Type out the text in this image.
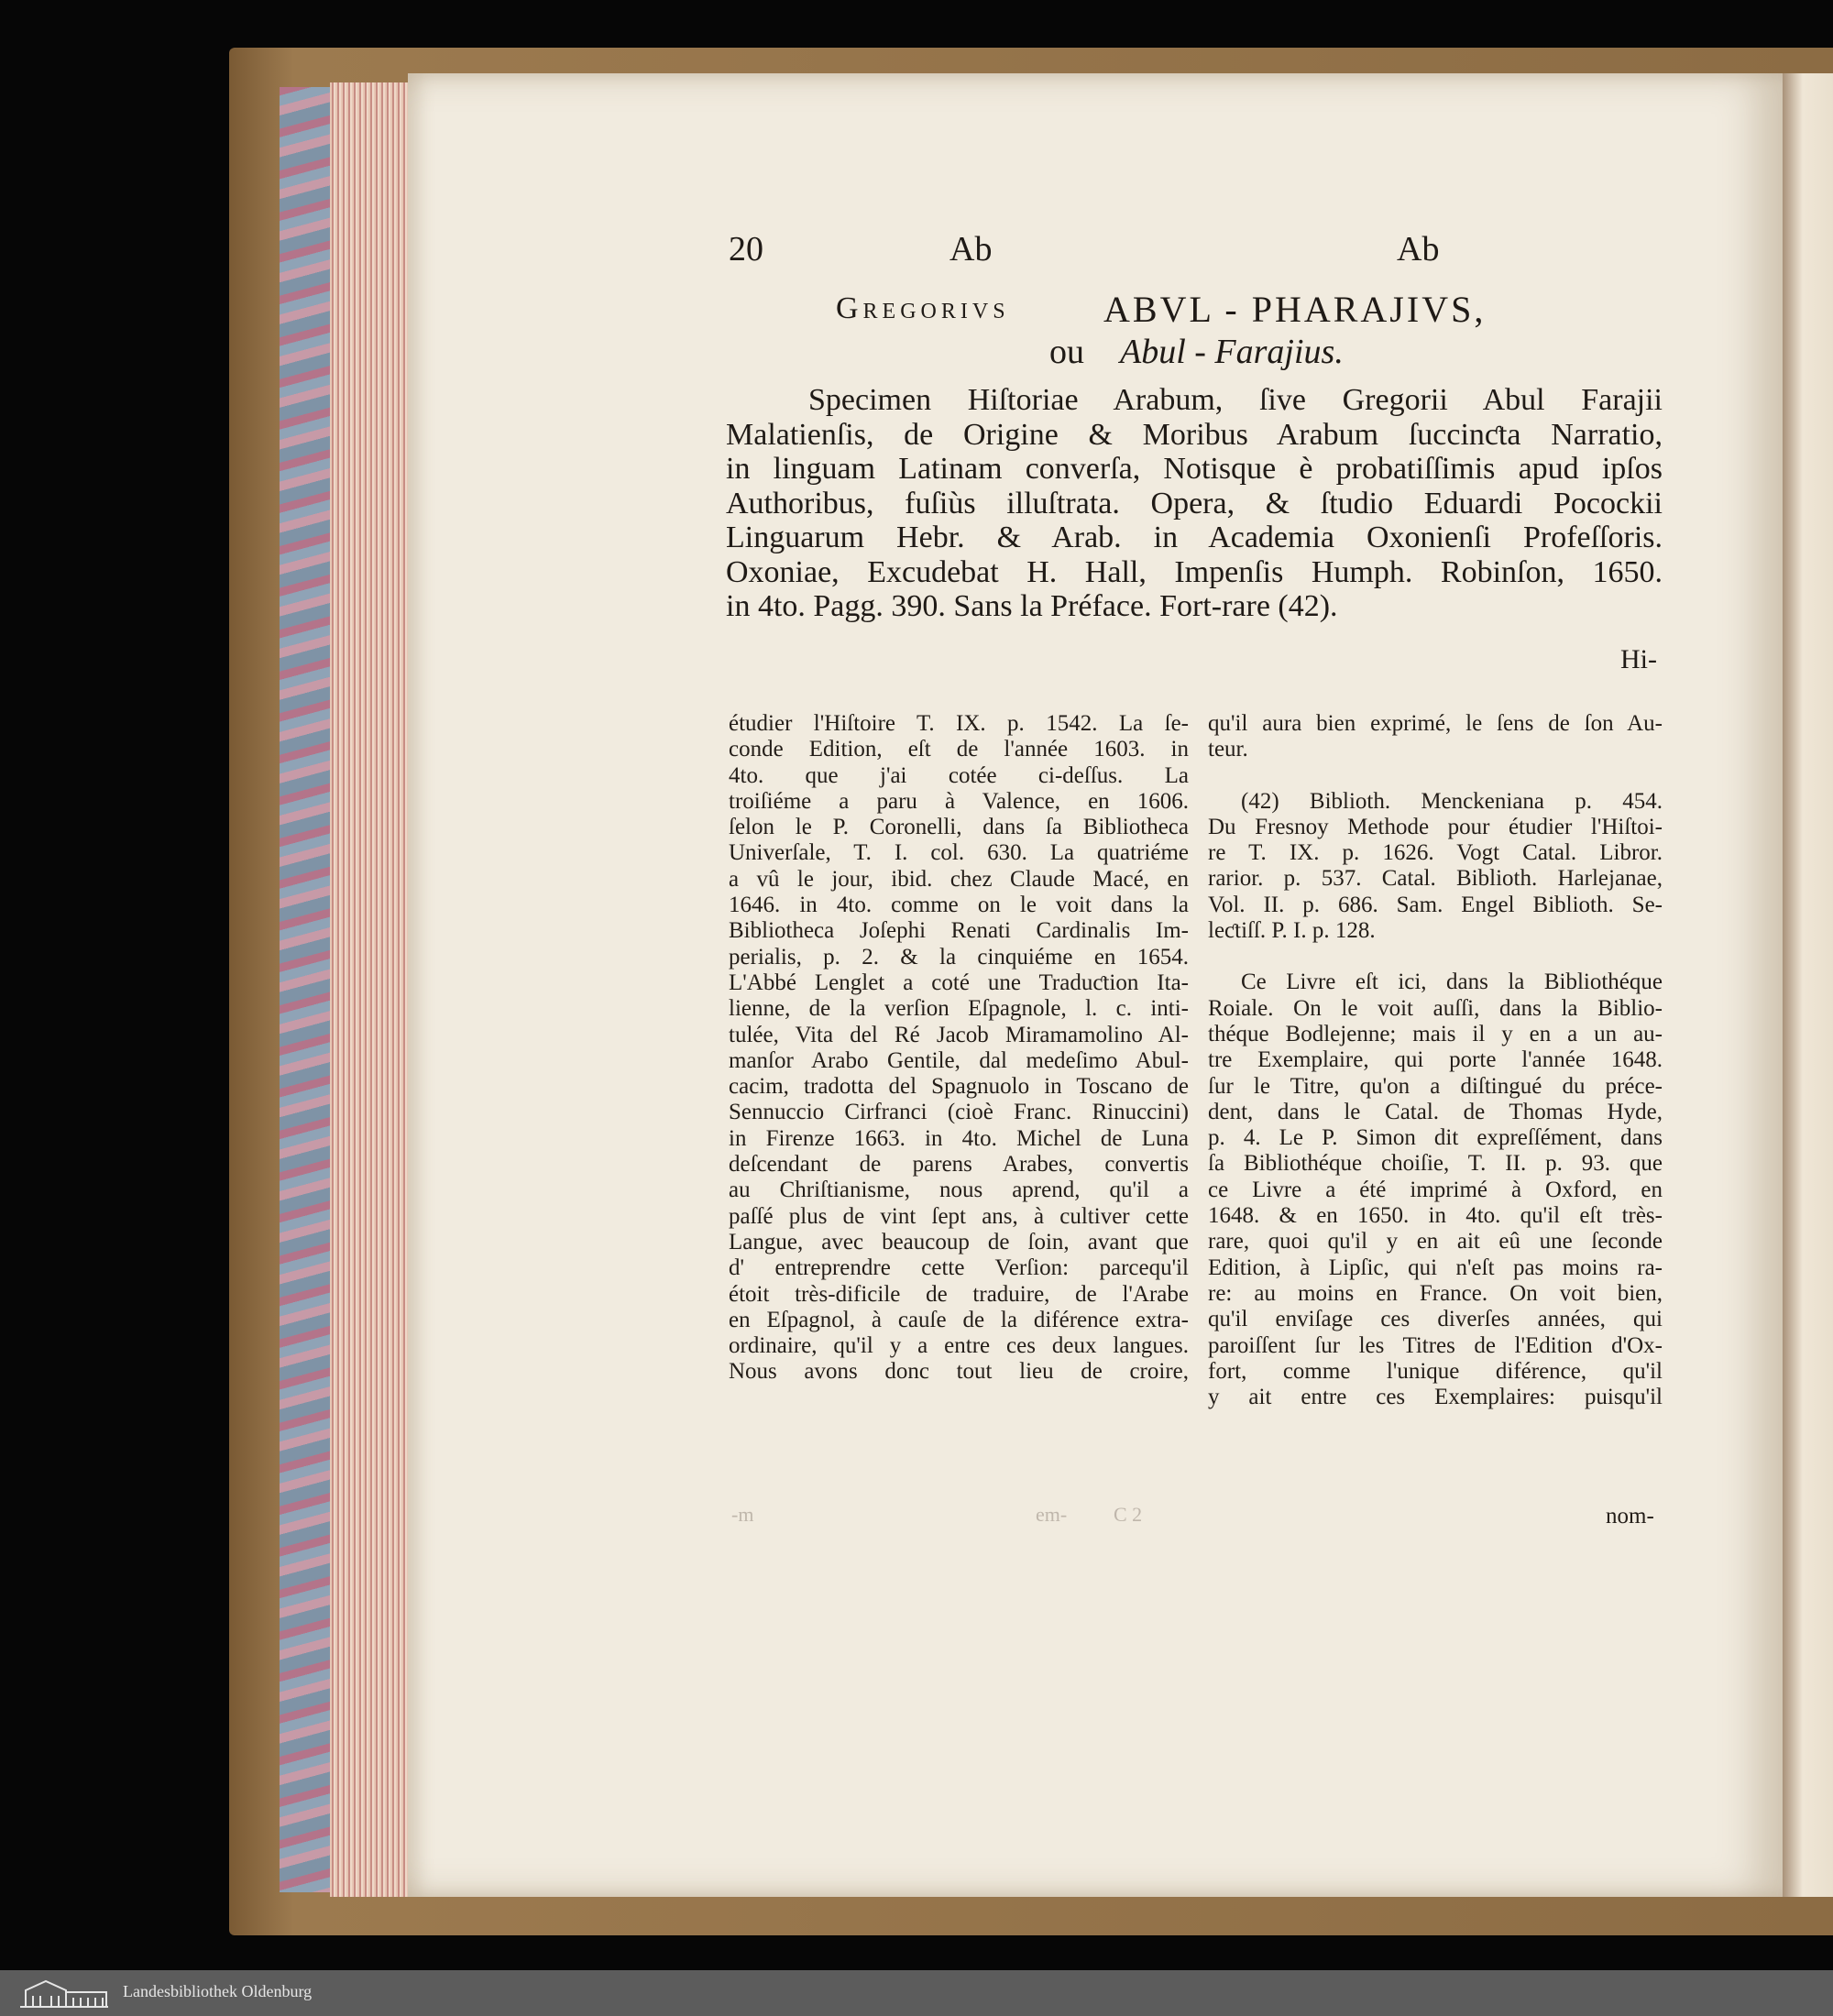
20	Ab	Ab
Gregorivs	ABVL - PHARAJIVS,
ou Abul - Farajius.
Specimen Hiſtoriae Arabum, ſive Gregorii Abul Farajii
Malatienſis, de Origine & Moribus Arabum ſuccinƈta Narratio,
in linguam Latinam converſa, Notisque è probatiſſimis apud ipſos
Authoribus, fuſiùs illuſtrata. Opera, & ſtudio Eduardi Pocockii
Linguarum Hebr. & Arab. in Academia Oxonienſi Profeſſoris.
Oxoniae, Excudebat H. Hall, Impenſis Humph. Robinſon, 1650.
in 4to. Pagg. 390. Sans la Préface. Fort-rare (42).
Hi-
étudier l'Hiſtoire T. IX. p. 1542. La ſe-
conde Edition, eſt de l'année 1603. in
4to. que j'ai cotée ci-deſſus. La
troiſiéme a paru à Valence, en 1606.
ſelon le P. Coronelli, dans ſa Bibliotheca
Univerſale, T. I. col. 630. La quatriéme
a vû le jour, ibid. chez Claude Macé, en
1646. in 4to. comme on le voit dans la
Bibliotheca Joſephi Renati Cardinalis Im-
perialis, p. 2. & la cinquiéme en 1654.
L'Abbé Lenglet a coté une Traduƈtion Ita-
lienne, de la verſion Eſpagnole, l. c. inti-
tulée, Vita del Ré Jacob Miramamolino Al-
manſor Arabo Gentile, dal medeſimo Abul-
cacim, tradotta del Spagnuolo in Toscano de
Sennuccio Cirfranci (cioè Franc. Rinuccini)
in Firenze 1663. in 4to. Michel de Luna
deſcendant de parens Arabes, convertis
au Chriſtianisme, nous aprend, qu'il a
paſſé plus de vint ſept ans, à cultiver cette
Langue, avec beaucoup de ſoin, avant que
d' entreprendre cette Verſion: parcequ'il
étoit très-dificile de traduire, de l'Arabe
en Eſpagnol, à cauſe de la diférence extra-
ordinaire, qu'il y a entre ces deux langues.
Nous avons donc tout lieu de croire,
qu'il aura bien exprimé, le ſens de ſon Au-
teur.
(42) Biblioth. Menckeniana p. 454.
Du Fresnoy Methode pour étudier l'Hiſtoi-
re T. IX. p. 1626. Vogt Catal. Libror.
rarior. p. 537. Catal. Biblioth. Harlejanae,
Vol. II. p. 686. Sam. Engel Biblioth. Se-
leƈtiſſ. P. I. p. 128.
Ce Livre eſt ici, dans la Bibliothéque
Roiale. On le voit auſſi, dans la Biblio-
théque Bodlejenne; mais il y en a un au-
tre Exemplaire, qui porte l'année 1648.
ſur le Titre, qu'on a diſtingué du préce-
dent, dans le Catal. de Thomas Hyde,
p. 4. Le P. Simon dit expreſſément, dans
ſa Bibliothéque choiſie, T. II. p. 93. que
ce Livre a été imprimé à Oxford, en
1648. & en 1650. in 4to. qu'il eſt très-
rare, quoi qu'il y en ait eû une ſeconde
Edition, à Lipſic, qui n'eſt pas moins ra-
re: au moins en France. On voit bien,
qu'il enviſage ces diverſes années, qui
paroiſſent ſur les Titres de l'Edition d'Ox-
fort, comme l'unique diférence, qu'il
y ait entre ces Exemplaires: puisqu'il
nom-
-m	C 2
em-
Landesbibliothek Oldenburg
